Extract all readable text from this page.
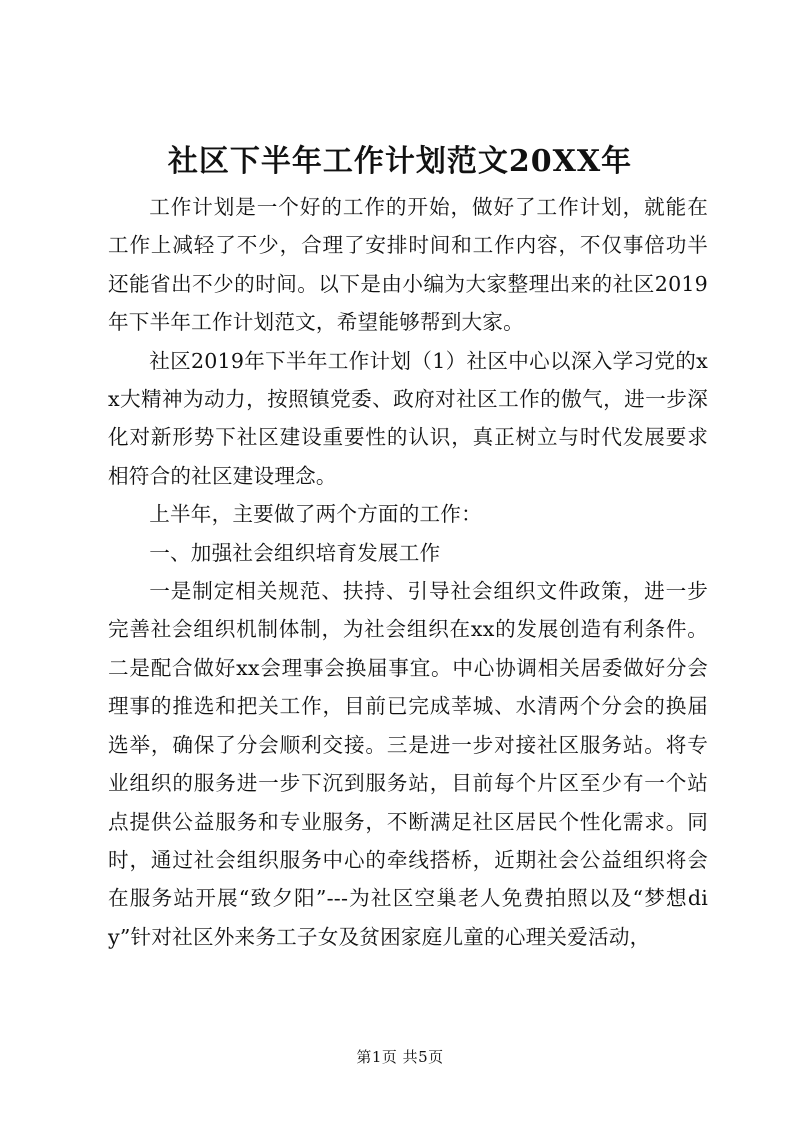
社区下半年工作计划范文20XX年

工作计划是一个好的工作的开始，做好了工作计划，就能在工作上减轻了不少，合理了安排时间和工作内容，不仅事倍功半还能省出不少的时间。以下是由小编为大家整理出来的社区2019年下半年工作计划范文，希望能够帮到大家。

社区2019年下半年工作计划（1）社区中心以深入学习党的xx大精神为动力，按照镇党委、政府对社区工作的傲气，进一步深化对新形势下社区建设重要性的认识，真正树立与时代发展要求相符合的社区建设理念。

上半年，主要做了两个方面的工作：

一、加强社会组织培育发展工作

一是制定相关规范、扶持、引导社会组织文件政策，进一步完善社会组织机制体制，为社会组织在xx的发展创造有利条件。二是配合做好xx会理事会换届事宜。中心协调相关居委做好分会理事的推选和把关工作，目前已完成莘城、水清两个分会的换届选举，确保了分会顺利交接。三是进一步对接社区服务站。将专业组织的服务进一步下沉到服务站，目前每个片区至少有一个站点提供公益服务和专业服务，不断满足社区居民个性化需求。同时，通过社会组织服务中心的牵线搭桥，近期社会公益组织将会在服务站开展“致夕阳”---为社区空巢老人免费拍照以及“梦想diy”针对社区外来务工子女及贫困家庭儿童的心理关爱活动，

第1页 共5页
